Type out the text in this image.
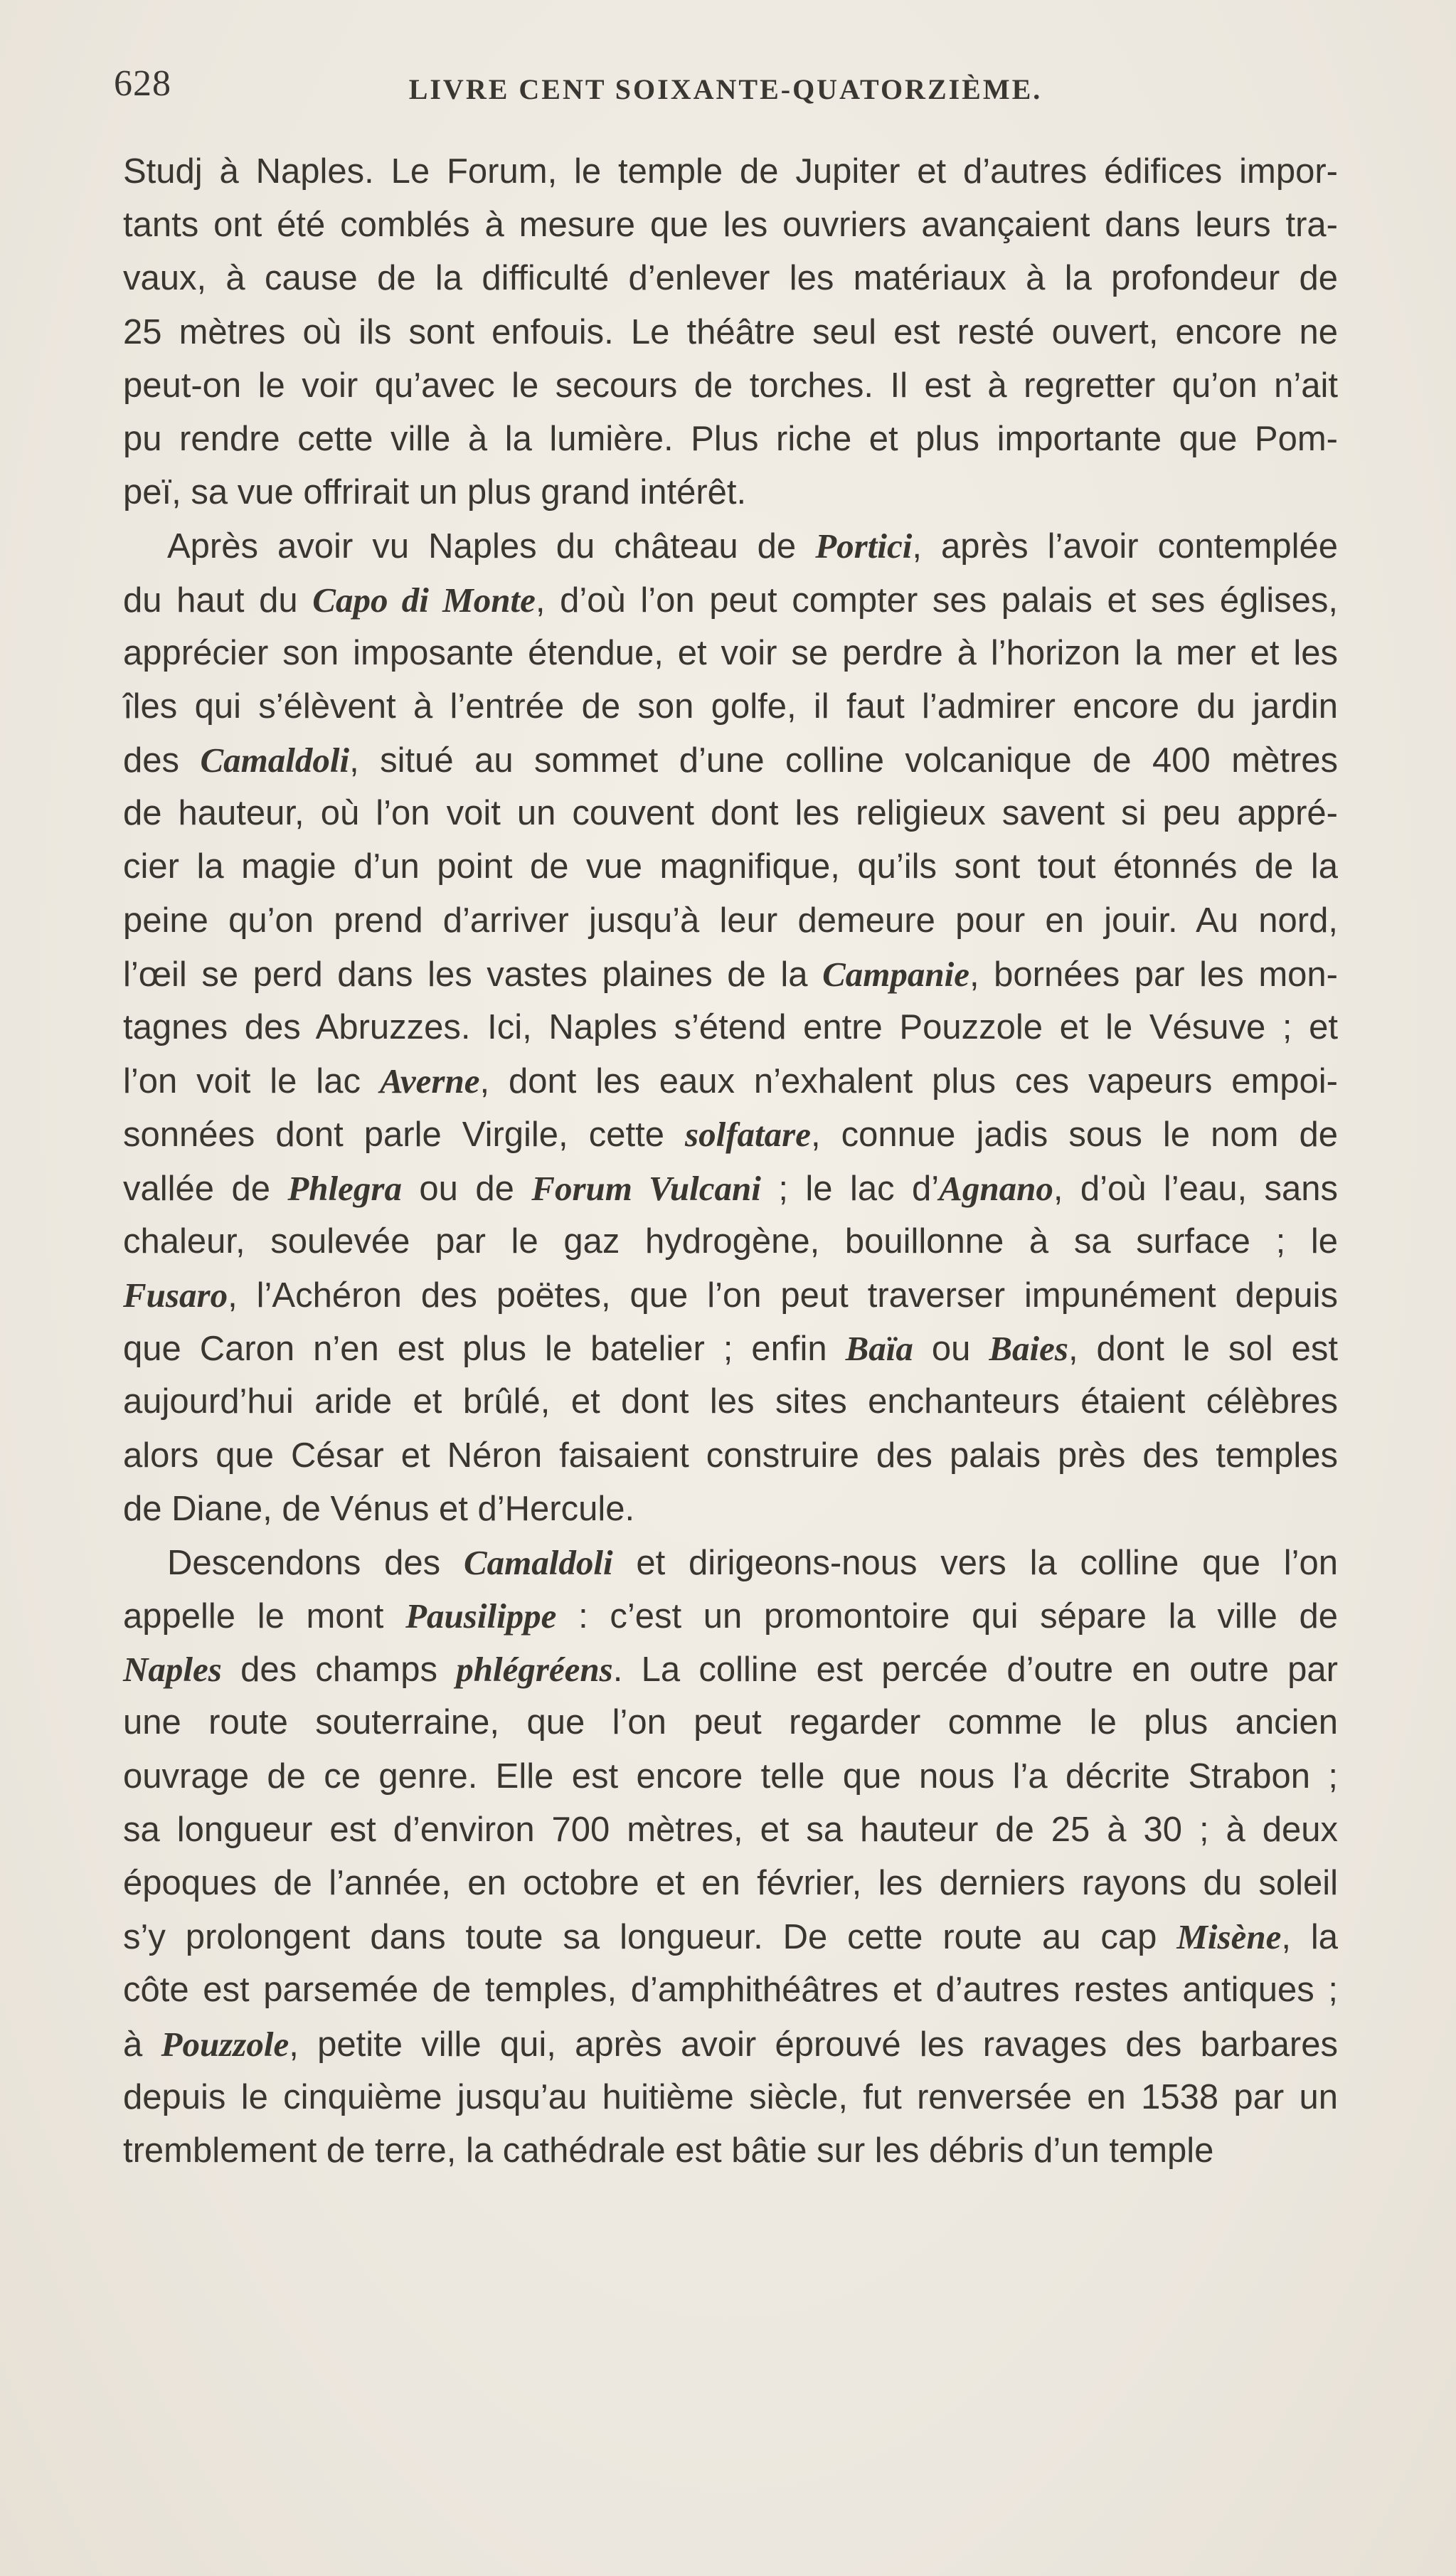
628	LIVRE CENT SOIXANTE-QUATORZIÈME.
Studj à Naples. Le Forum, le temple de Jupiter et d’autres édifices impor-
tants ont été comblés à mesure que les ouvriers avançaient dans leurs tra-
vaux, à cause de la difficulté d’enlever les matériaux à la profondeur de
25 mètres où ils sont enfouis. Le théâtre seul est resté ouvert, encore ne
peut-on le voir qu’avec le secours de torches. Il est à regretter qu’on n’ait
pu rendre cette ville à la lumière. Plus riche et plus importante que Pom-
peï, sa vue offrirait un plus grand intérêt.
Après avoir vu Naples du château de Portici, après l’avoir contemplée
du haut du Capo di Monte, d’où l’on peut compter ses palais et ses églises,
apprécier son imposante étendue, et voir se perdre à l’horizon la mer et les
îles qui s’élèvent à l’entrée de son golfe, il faut l’admirer encore du jardin
des Camaldoli, situé au sommet d’une colline volcanique de 400 mètres
de hauteur, où l’on voit un couvent dont les religieux savent si peu appré-
cier la magie d’un point de vue magnifique, qu’ils sont tout étonnés de la
peine qu’on prend d’arriver jusqu’à leur demeure pour en jouir. Au nord,
l’œil se perd dans les vastes plaines de la Campanie, bornées par les mon-
tagnes des Abruzzes. Ici, Naples s’étend entre Pouzzole et le Vésuve ; et
l’on voit le lac Averne, dont les eaux n’exhalent plus ces vapeurs empoi-
sonnées dont parle Virgile, cette solfatare, connue jadis sous le nom de
vallée de Phlegra ou de Forum Vulcani ; le lac d’Agnano, d’où l’eau, sans
chaleur, soulevée par le gaz hydrogène, bouillonne à sa surface ; le
Fusaro, l’Achéron des poëtes, que l’on peut traverser impunément depuis
que Caron n’en est plus le batelier ; enfin Baïa ou Baies, dont le sol est
aujourd’hui aride et brûlé, et dont les sites enchanteurs étaient célèbres
alors que César et Néron faisaient construire des palais près des temples
de Diane, de Vénus et d’Hercule.
Descendons des Camaldoli et dirigeons-nous vers la colline que l’on
appelle le mont Pausilippe : c’est un promontoire qui sépare la ville de
Naples des champs phlégréens. La colline est percée d’outre en outre par
une route souterraine, que l’on peut regarder comme le plus ancien
ouvrage de ce genre. Elle est encore telle que nous l’a décrite Strabon ;
sa longueur est d’environ 700 mètres, et sa hauteur de 25 à 30 ; à deux
époques de l’année, en octobre et en février, les derniers rayons du soleil
s’y prolongent dans toute sa longueur. De cette route au cap Misène, la
côte est parsemée de temples, d’amphithéâtres et d’autres restes antiques ;
à Pouzzole, petite ville qui, après avoir éprouvé les ravages des barbares
depuis le cinquième jusqu’au huitième siècle, fut renversée en 1538 par un
tremblement de terre, la cathédrale est bâtie sur les débris d’un temple
